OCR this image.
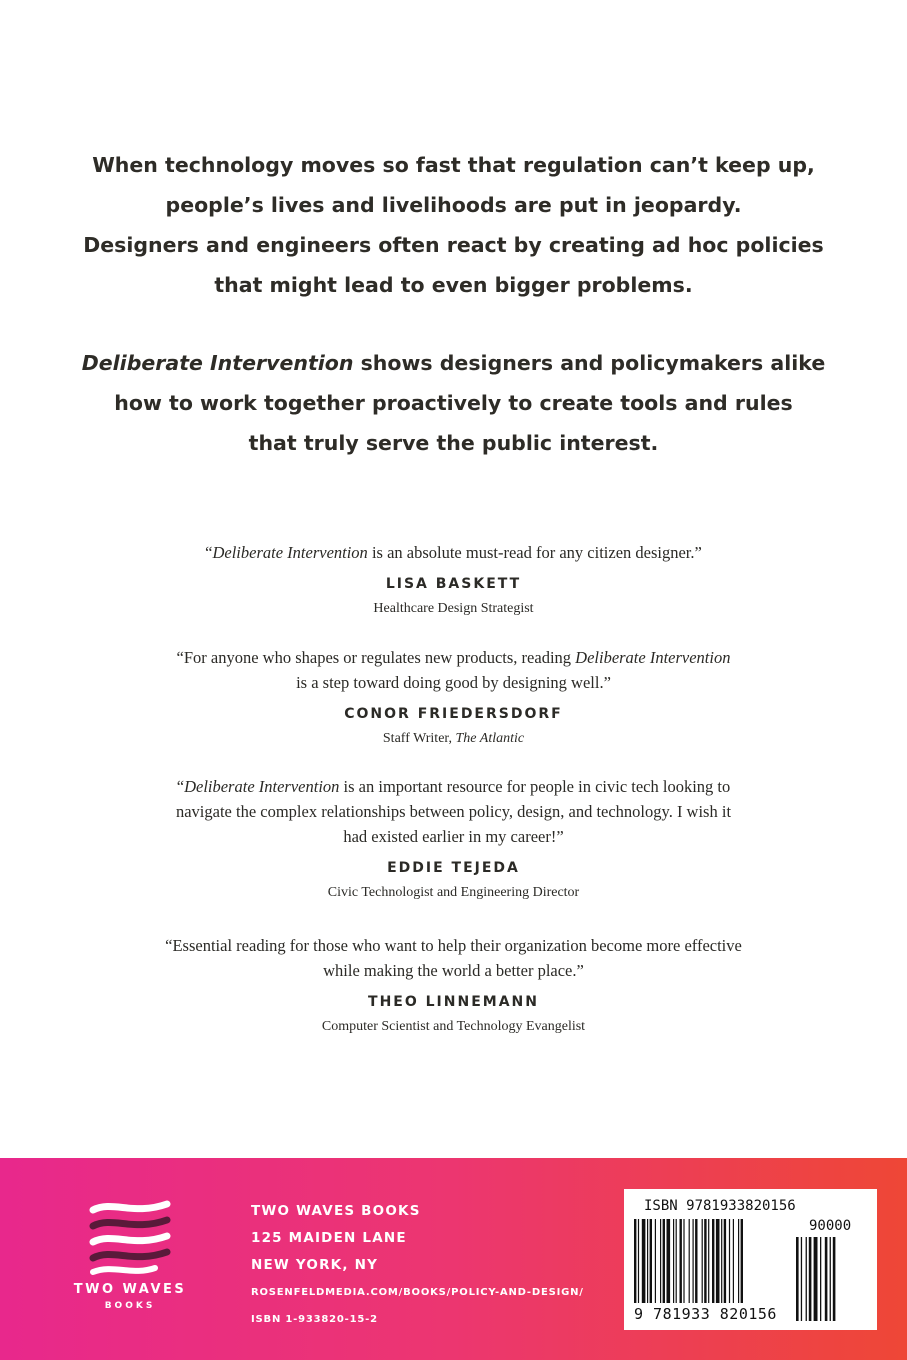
When technology moves so fast that regulation can’t keep up,

people’s lives and livelihoods are put in jeopardy.

Designers and engineers often react by creating ad hoc policies

that might lead to even bigger problems.

Deliberate Intervention shows designers and policymakers alike

how to work together proactively to create tools and rules

that truly serve the public interest.

“Deliberate Intervention is an absolute must-read for any citizen designer.”

LISA BASKETT
Healthcare Design Strategist

“For anyone who shapes or regulates new products, reading Deliberate Intervention
is a step toward doing good by designing well.”

CONOR FRIEDERSDORF
Staff Writer, The Atlantic

“Deliberate Intervention is an important resource for people in civic tech looking to
navigate the complex relationships between policy, design, and technology. I wish it
had existed earlier in my career!”

EDDIE TEJEDA
Civic Technologist and Engineering Director

“Essential reading for those who want to help their organization become more effective
while making the world a better place.”

THEO LINNEMANN
Computer Scientist and Technology Evangelist
TWO WAVES
BOOKS
TWO WAVES BOOKS
125 MAIDEN LANE
NEW YORK, NY
ROSENFELDMEDIA.COM/BOOKS/POLICY-AND-DESIGN/
ISBN 1-933820-15-2
ISBN 9781933820156
90000
9 781933 820156
